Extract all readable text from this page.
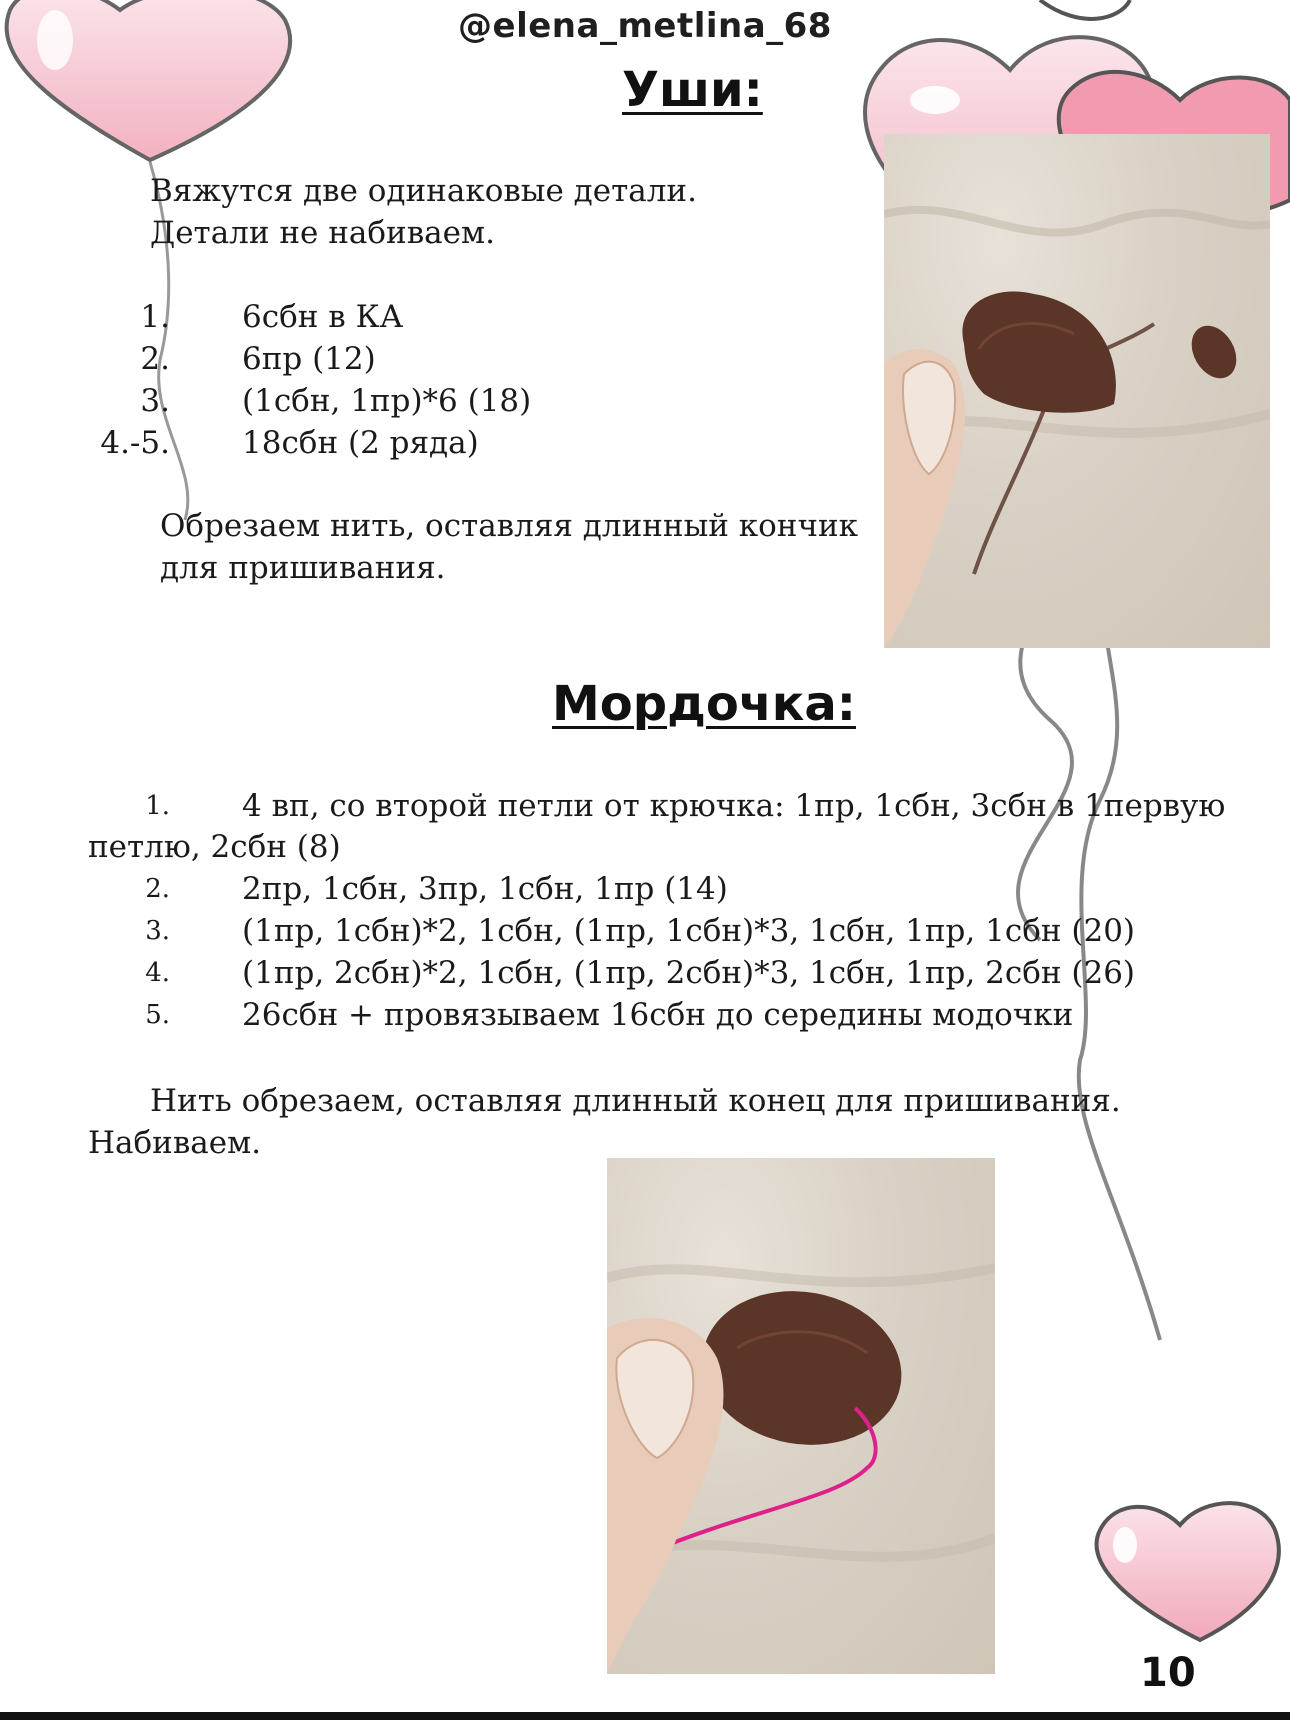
@elena_metlina_68
Уши:
Вяжутся две одинаковые детали.
Детали не набиваем.
1. 6сбн в КА
2. 6пр (12)
3. (1сбн, 1пр)*6 (18)
4.-5. 18сбн (2 ряда)
Обрезаем нить, оставляя длинный кончик
для пришивания.
Мордочка:
1. 4 вп, со второй петли от крючка: 1пр, 1сбн, 3сбн в 1первую
петлю, 2сбн (8)
2. 2пр, 1сбн, 3пр, 1сбн, 1пр (14)
3. (1пр, 1сбн)*2, 1сбн, (1пр, 1сбн)*3, 1сбн, 1пр, 1сбн (20)
4. (1пр, 2сбн)*2, 1сбн, (1пр, 2сбн)*3, 1сбн, 1пр, 2сбн (26)
5. 26сбн + провязываем 16сбн до середины модочки
Нить обрезаем, оставляя длинный конец для пришивания.
Набиваем.
10
